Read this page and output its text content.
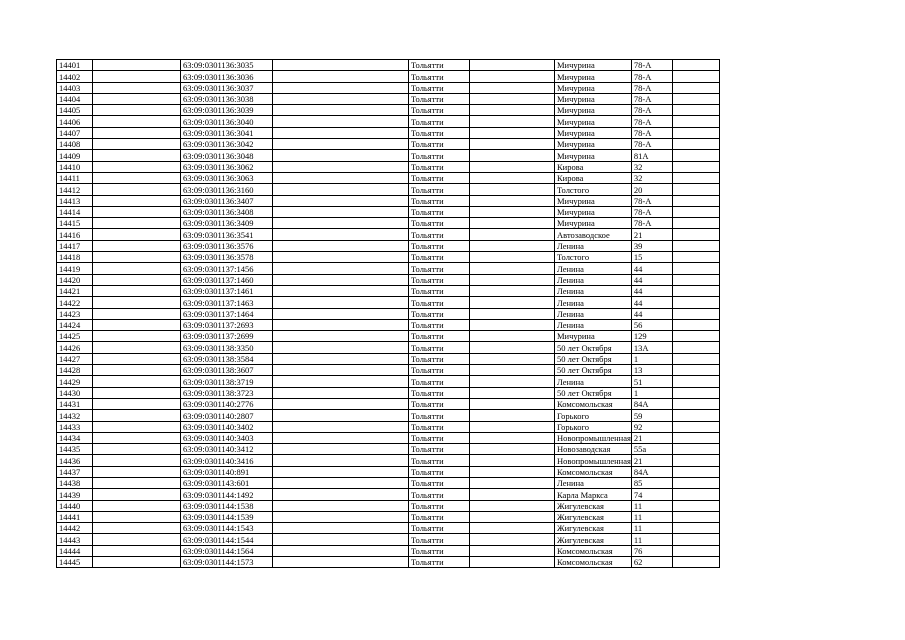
14401		63:09:0301136:3035		Тольятти		Мичурина	78-А	
14402		63:09:0301136:3036		Тольятти		Мичурина	78-А	
14403		63:09:0301136:3037		Тольятти		Мичурина	78-А	
14404		63:09:0301136:3038		Тольятти		Мичурина	78-А	
14405		63:09:0301136:3039		Тольятти		Мичурина	78-А	
14406		63:09:0301136:3040		Тольятти		Мичурина	78-А	
14407		63:09:0301136:3041		Тольятти		Мичурина	78-А	
14408		63:09:0301136:3042		Тольятти		Мичурина	78-А	
14409		63:09:0301136:3048		Тольятти		Мичурина	81А	
14410		63:09:0301136:3062		Тольятти		Кирова	32	
14411		63:09:0301136:3063		Тольятти		Кирова	32	
14412		63:09:0301136:3160		Тольятти		Толстого	20	
14413		63:09:0301136:3407		Тольятти		Мичурина	78-А	
14414		63:09:0301136:3408		Тольятти		Мичурина	78-А	
14415		63:09:0301136:3409		Тольятти		Мичурина	78-А	
14416		63:09:0301136:3541		Тольятти		Автозаводское	21	
14417		63:09:0301136:3576		Тольятти		Ленина	39	
14418		63:09:0301136:3578		Тольятти		Толстого	15	
14419		63:09:0301137:1456		Тольятти		Ленина	44	
14420		63:09:0301137:1460		Тольятти		Ленина	44	
14421		63:09:0301137:1461		Тольятти		Ленина	44	
14422		63:09:0301137:1463		Тольятти		Ленина	44	
14423		63:09:0301137:1464		Тольятти		Ленина	44	
14424		63:09:0301137:2693		Тольятти		Ленина	56	
14425		63:09:0301137:2699		Тольятти		Мичурина	129	
14426		63:09:0301138:3350		Тольятти		50 лет Октября	13А	
14427		63:09:0301138:3584		Тольятти		50 лет Октября	1	
14428		63:09:0301138:3607		Тольятти		50 лет Октября	13	
14429		63:09:0301138:3719		Тольятти		Ленина	51	
14430		63:09:0301138:3723		Тольятти		50 лет Октября	1	
14431		63:09:0301140:2776		Тольятти		Комсомольская	84А	
14432		63:09:0301140:2807		Тольятти		Горького	59	
14433		63:09:0301140:3402		Тольятти		Горького	92	
14434		63:09:0301140:3403		Тольятти		Новопромышленная	21	
14435		63:09:0301140:3412		Тольятти		Новозаводская	55а	
14436		63:09:0301140:3416		Тольятти		Новопромышленная	21	
14437		63:09:0301140:891		Тольятти		Комсомольская	84А	
14438		63:09:0301143:601		Тольятти		Ленина	85	
14439		63:09:0301144:1492		Тольятти		Карла Маркса	74	
14440		63:09:0301144:1538		Тольятти		Жигулевская	11	
14441		63:09:0301144:1539		Тольятти		Жигулевская	11	
14442		63:09:0301144:1543		Тольятти		Жигулевская	11	
14443		63:09:0301144:1544		Тольятти		Жигулевская	11	
14444		63:09:0301144:1564		Тольятти		Комсомольская	76	
14445		63:09:0301144:1573		Тольятти		Комсомольская	62	
